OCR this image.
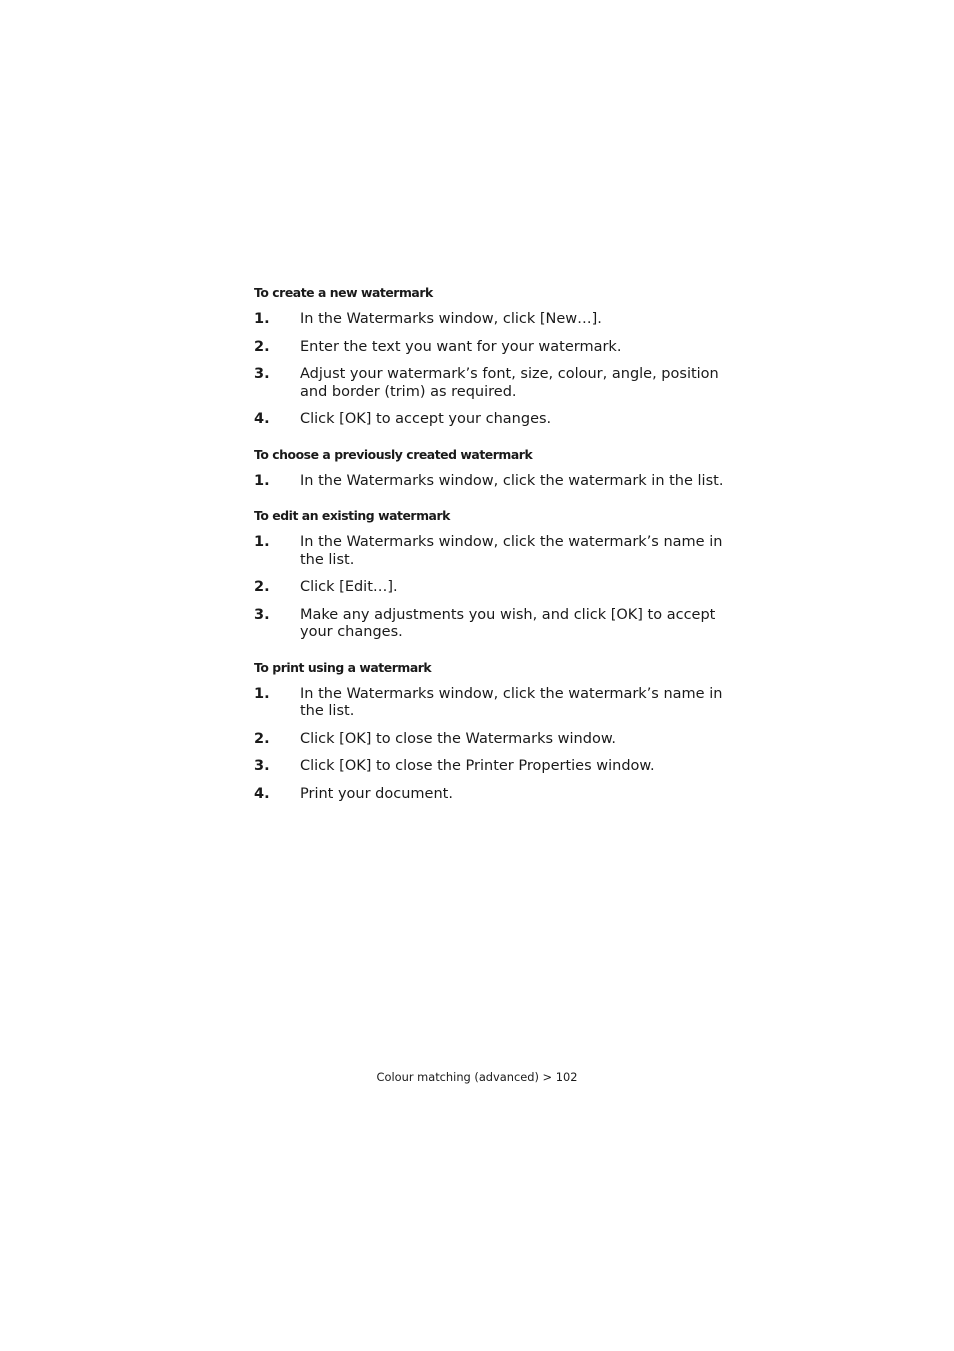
To create a new watermark
1.	In the Watermarks window, click [New…].
2.	Enter the text you want for your watermark.
3.	Adjust your watermark’s font, size, colour, angle, position and border (trim) as required.
4.	Click [OK] to accept your changes.
To choose a previously created watermark
1.	In the Watermarks window, click the watermark in the list.
To edit an existing watermark
1.	In the Watermarks window, click the watermark’s name in the list.
2.	Click [Edit…].
3.	Make any adjustments you wish, and click [OK] to accept your changes.
To print using a watermark
1.	In the Watermarks window, click the watermark’s name in the list.
2.	Click [OK] to close the Watermarks window.
3.	Click [OK] to close the Printer Properties window.
4.	Print your document.
Colour matching (advanced) > 102
